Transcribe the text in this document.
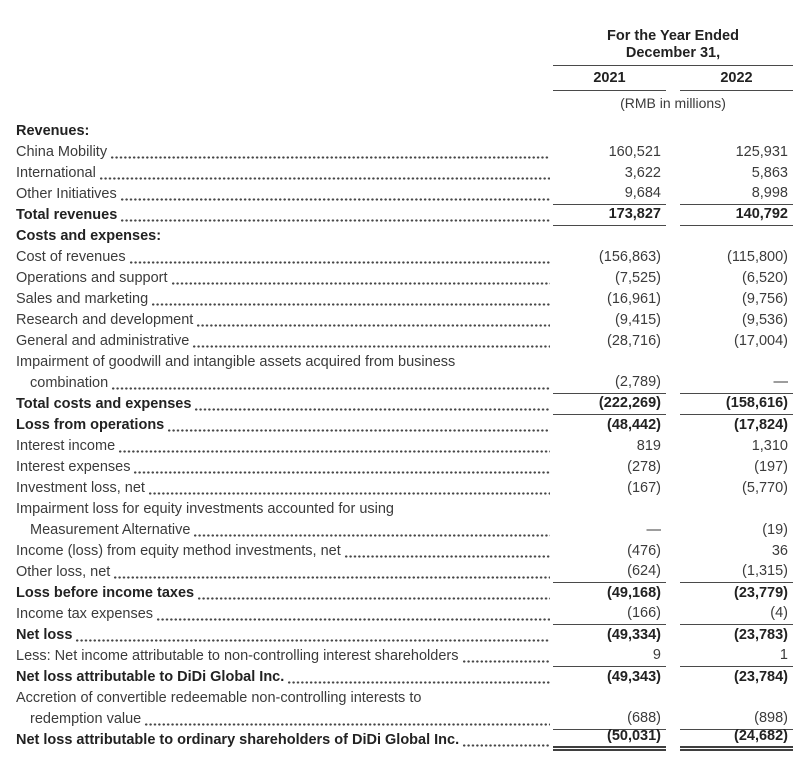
For the Year Ended
December 31,
2021	2022
(RMB in millions)
Revenues:
China Mobility	160,521	125,931
International	3,622	5,863
Other Initiatives	9,684	8,998
Total revenues	173,827	140,792
Costs and expenses:
Cost of revenues	(156,863)	(115,800)
Operations and support	(7,525)	(6,520)
Sales and marketing	(16,961)	(9,756)
Research and development	(9,415)	(9,536)
General and administrative	(28,716)	(17,004)
Impairment of goodwill and intangible assets acquired from business
combination	(2,789)	—
Total costs and expenses	(222,269)	(158,616)
Loss from operations	(48,442)	(17,824)
Interest income	819	1,310
Interest expenses	(278)	(197)
Investment loss, net	(167)	(5,770)
Impairment loss for equity investments accounted for using
Measurement Alternative	—	(19)
Income (loss) from equity method investments, net	(476)	36
Other loss, net	(624)	(1,315)
Loss before income taxes	(49,168)	(23,779)
Income tax expenses	(166)	(4)
Net loss	(49,334)	(23,783)
Less: Net income attributable to non-controlling interest shareholders	9	1
Net loss attributable to DiDi Global Inc.	(49,343)	(23,784)
Accretion of convertible redeemable non-controlling interests to
redemption value	(688)	(898)
Net loss attributable to ordinary shareholders of DiDi Global Inc.	(50,031)	(24,682)
